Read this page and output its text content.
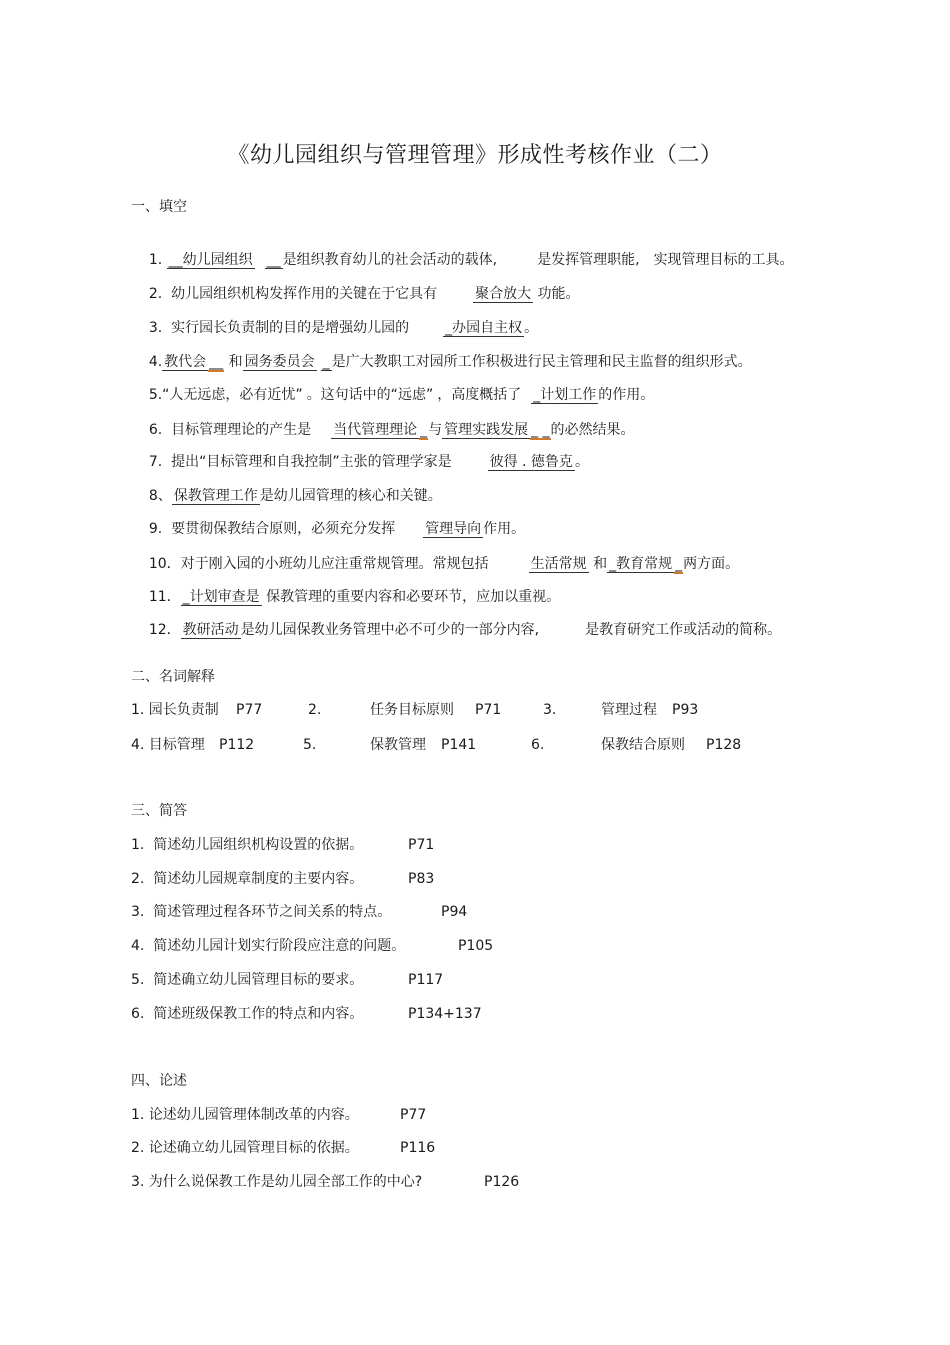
《幼儿园组织与管理管理》形成性考核作业（二）
一、填空

1. __幼儿园组织 __ 是组织教育幼儿的社会活动的载体,	是发挥管理职能, 实现管理目标的工具。

2.  幼儿园组织机构发挥作用的关键在于它具有	聚合放大 功能。

3.  实行园长负责制的目的是增强幼儿园的	_办园自主权 。

4. 教代会 __ 和 园务委员会 _ 是广大教职工对园所工作积极进行民主管理和民主监督的组织形式。

5.“人无远虑，必有近忧” 。这句话中的“远虑” ，高度概括了 _计划工作 的作用。

6.  目标管理理论的产生是 当代管理理论 _与 管理实践发展 _ _的必然结果。

7.  提出“目标管理和自我控制”主张的管理学家是	彼得 . 德鲁克 。

8、 保教管理工作 是幼儿园管理的核心和关键。

9.  要贯彻保教结合原则，必须充分发挥 管理导向 作用。

10．对于刚入园的小班幼儿应注重常规管理。常规包括	生活常规 和 _教育常规 _两方面。

11． _计划审查是 保教管理的重要内容和必要环节，应加以重视。

12． 教研活动 是幼儿园保教业务管理中必不可少的一部分内容,	是教育研究工作或活动的简称。

二、名词解释
1. 园长负责制 P77	2.	任务目标原则 P71	3.	管理过程 P93
4. 目标管理 P112	5.	保教管理 P141	6.	保教结合原则 P128
三、简答
1.  简述幼儿园组织机构设置的依据。	P71
2.  简述幼儿园规章制度的主要内容。	P83
3.  简述管理过程各环节之间关系的特点。	P94
4.  简述幼儿园计划实行阶段应注意的问题。	P105
5.  简述确立幼儿园管理目标的要求。	P117
6.  简述班级保教工作的特点和内容。	P134+137
四、论述
1. 论述幼儿园管理体制改革的内容。	P77
2. 论述确立幼儿园管理目标的依据。	P116
3. 为什么说保教工作是幼儿园全部工作的中心?	P126
